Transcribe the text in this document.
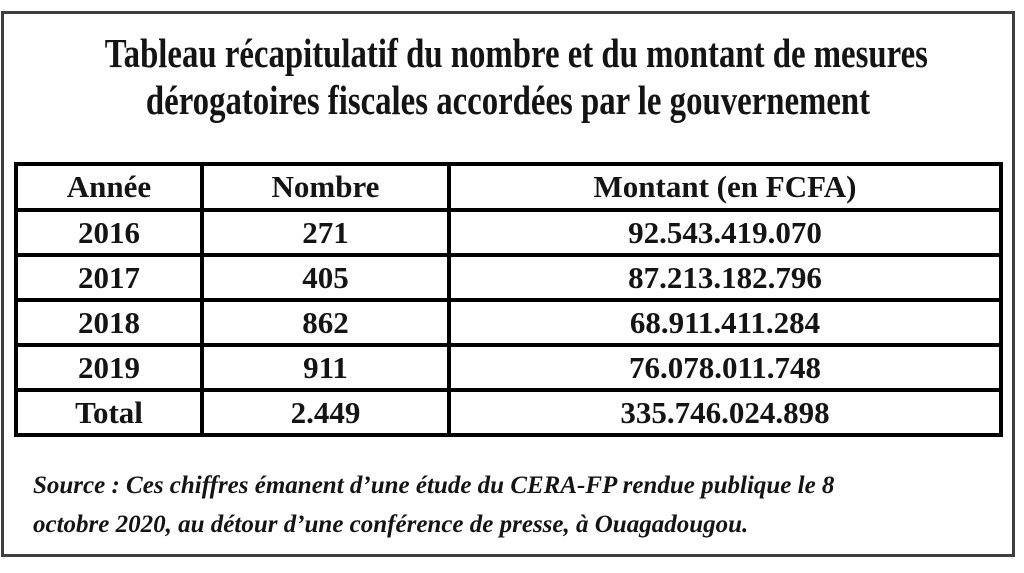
Tableau récapitulatif du nombre et du montant de mesures
dérogatoires fiscales accordées par le gouvernement
Année	Nombre	Montant (en FCFA)
2016	271	92.543.419.070
2017	405	87.213.182.796
2018	862	68.911.411.284
2019	911	76.078.011.748
Total	2.449	335.746.024.898
Source : Ces chiffres émanent d’une étude du CERA-FP rendue publique le 8
octobre 2020, au détour d’une conférence de presse, à Ouagadougou.
